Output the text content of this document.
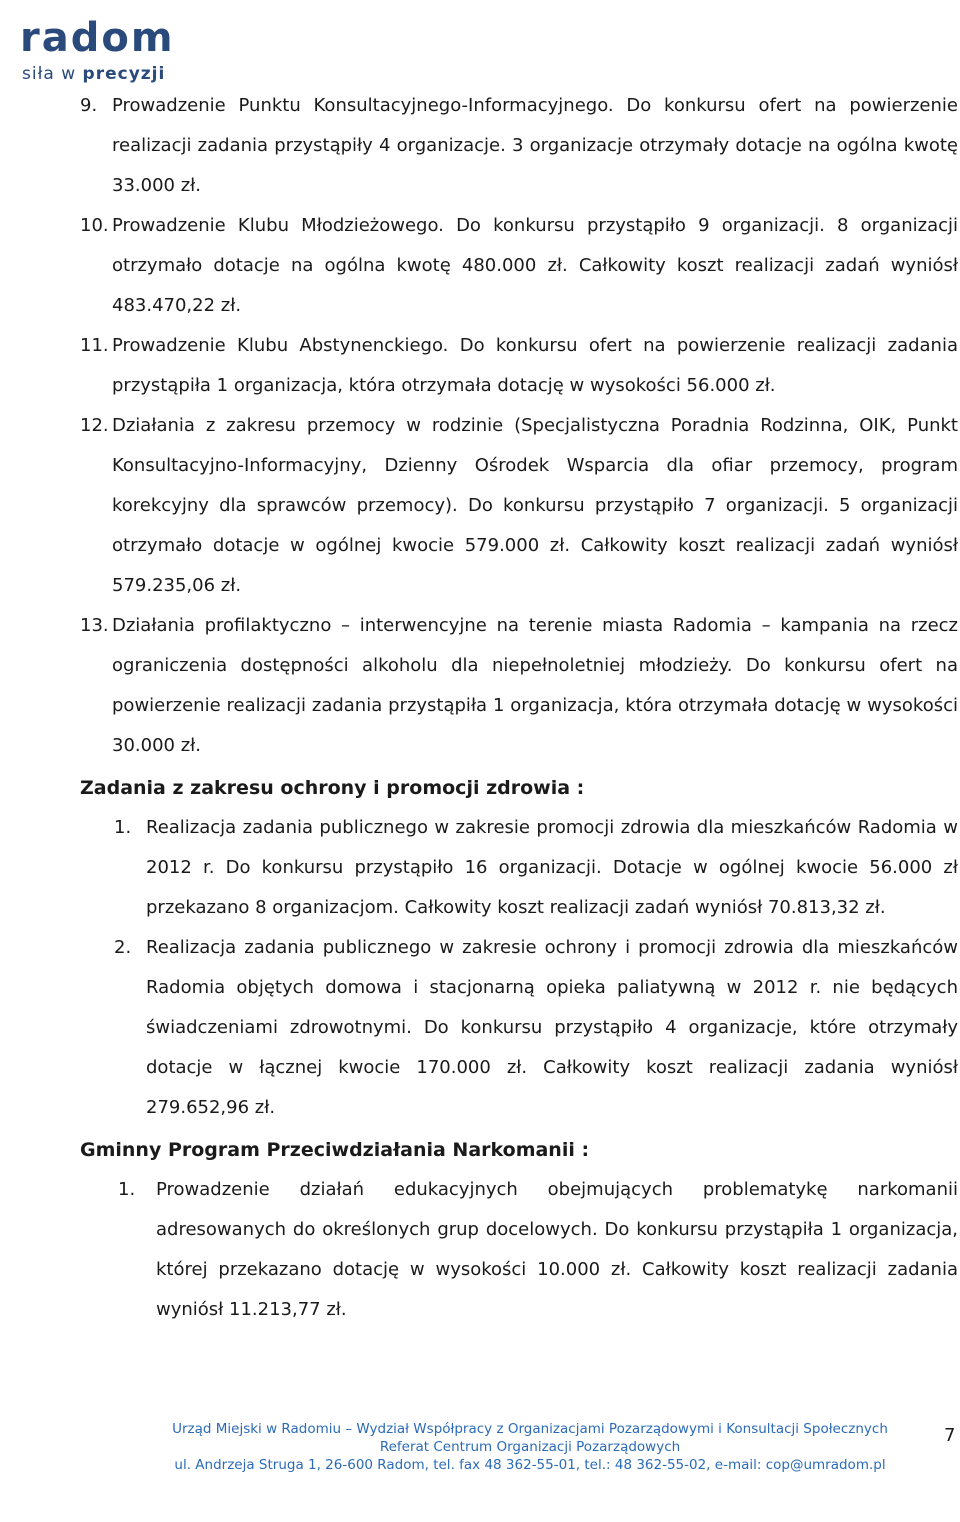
radom
siła w precyzji
9. Prowadzenie Punktu Konsultacyjnego-Informacyjnego. Do konkursu ofert na powierzenie realizacji zadania przystąpiły 4 organizacje. 3 organizacje otrzymały dotacje na ogólna kwotę 33.000 zł.
10. Prowadzenie Klubu Młodzieżowego. Do konkursu przystąpiło 9 organizacji. 8 organizacji otrzymało dotacje na ogólna kwotę 480.000 zł. Całkowity koszt realizacji zadań wyniósł 483.470,22 zł.
11. Prowadzenie Klubu Abstynenckiego. Do konkursu ofert na powierzenie realizacji zadania przystąpiła 1 organizacja, która otrzymała dotację w wysokości 56.000 zł.
12. Działania z zakresu przemocy w rodzinie (Specjalistyczna Poradnia Rodzinna, OIK, Punkt Konsultacyjno-Informacyjny, Dzienny Ośrodek Wsparcia dla ofiar przemocy, program korekcyjny dla sprawców przemocy). Do konkursu przystąpiło 7 organizacji. 5 organizacji otrzymało dotacje w ogólnej kwocie 579.000 zł. Całkowity koszt realizacji zadań wyniósł 579.235,06 zł.
13. Działania profilaktyczno – interwencyjne na terenie miasta Radomia – kampania na rzecz ograniczenia dostępności alkoholu dla niepełnoletniej młodzieży. Do konkursu ofert na powierzenie realizacji zadania przystąpiła 1 organizacja, która otrzymała dotację w wysokości 30.000 zł.
Zadania z zakresu ochrony i promocji zdrowia :
1. Realizacja zadania publicznego w zakresie promocji zdrowia dla mieszkańców Radomia w 2012 r. Do konkursu przystąpiło 16 organizacji. Dotacje w ogólnej kwocie 56.000 zł przekazano 8 organizacjom. Całkowity koszt realizacji zadań wyniósł 70.813,32 zł.
2. Realizacja zadania publicznego w zakresie ochrony i promocji zdrowia dla mieszkańców Radomia objętych domowa i stacjonarną opieka paliatywną w 2012 r. nie będących świadczeniami zdrowotnymi. Do konkursu przystąpiło 4 organizacje, które otrzymały dotacje w łącznej kwocie 170.000 zł. Całkowity koszt realizacji zadania wyniósł 279.652,96 zł.
Gminny Program Przeciwdziałania Narkomanii :
1.	Prowadzenie działań edukacyjnych obejmujących problematykę narkomanii adresowanych do określonych grup docelowych. Do konkursu przystąpiła 1 organizacja, której przekazano dotację w wysokości 10.000 zł. Całkowity koszt realizacji zadania wyniósł 11.213,77 zł.
Urząd Miejski w Radomiu – Wydział Współpracy z Organizacjami Pozarządowymi i Konsultacji Społecznych
Referat Centrum Organizacji Pozarządowych
ul. Andrzeja Struga 1, 26-600 Radom, tel. fax 48 362-55-01, tel.: 48 362-55-02, e-mail: cop@umradom.pl
7
